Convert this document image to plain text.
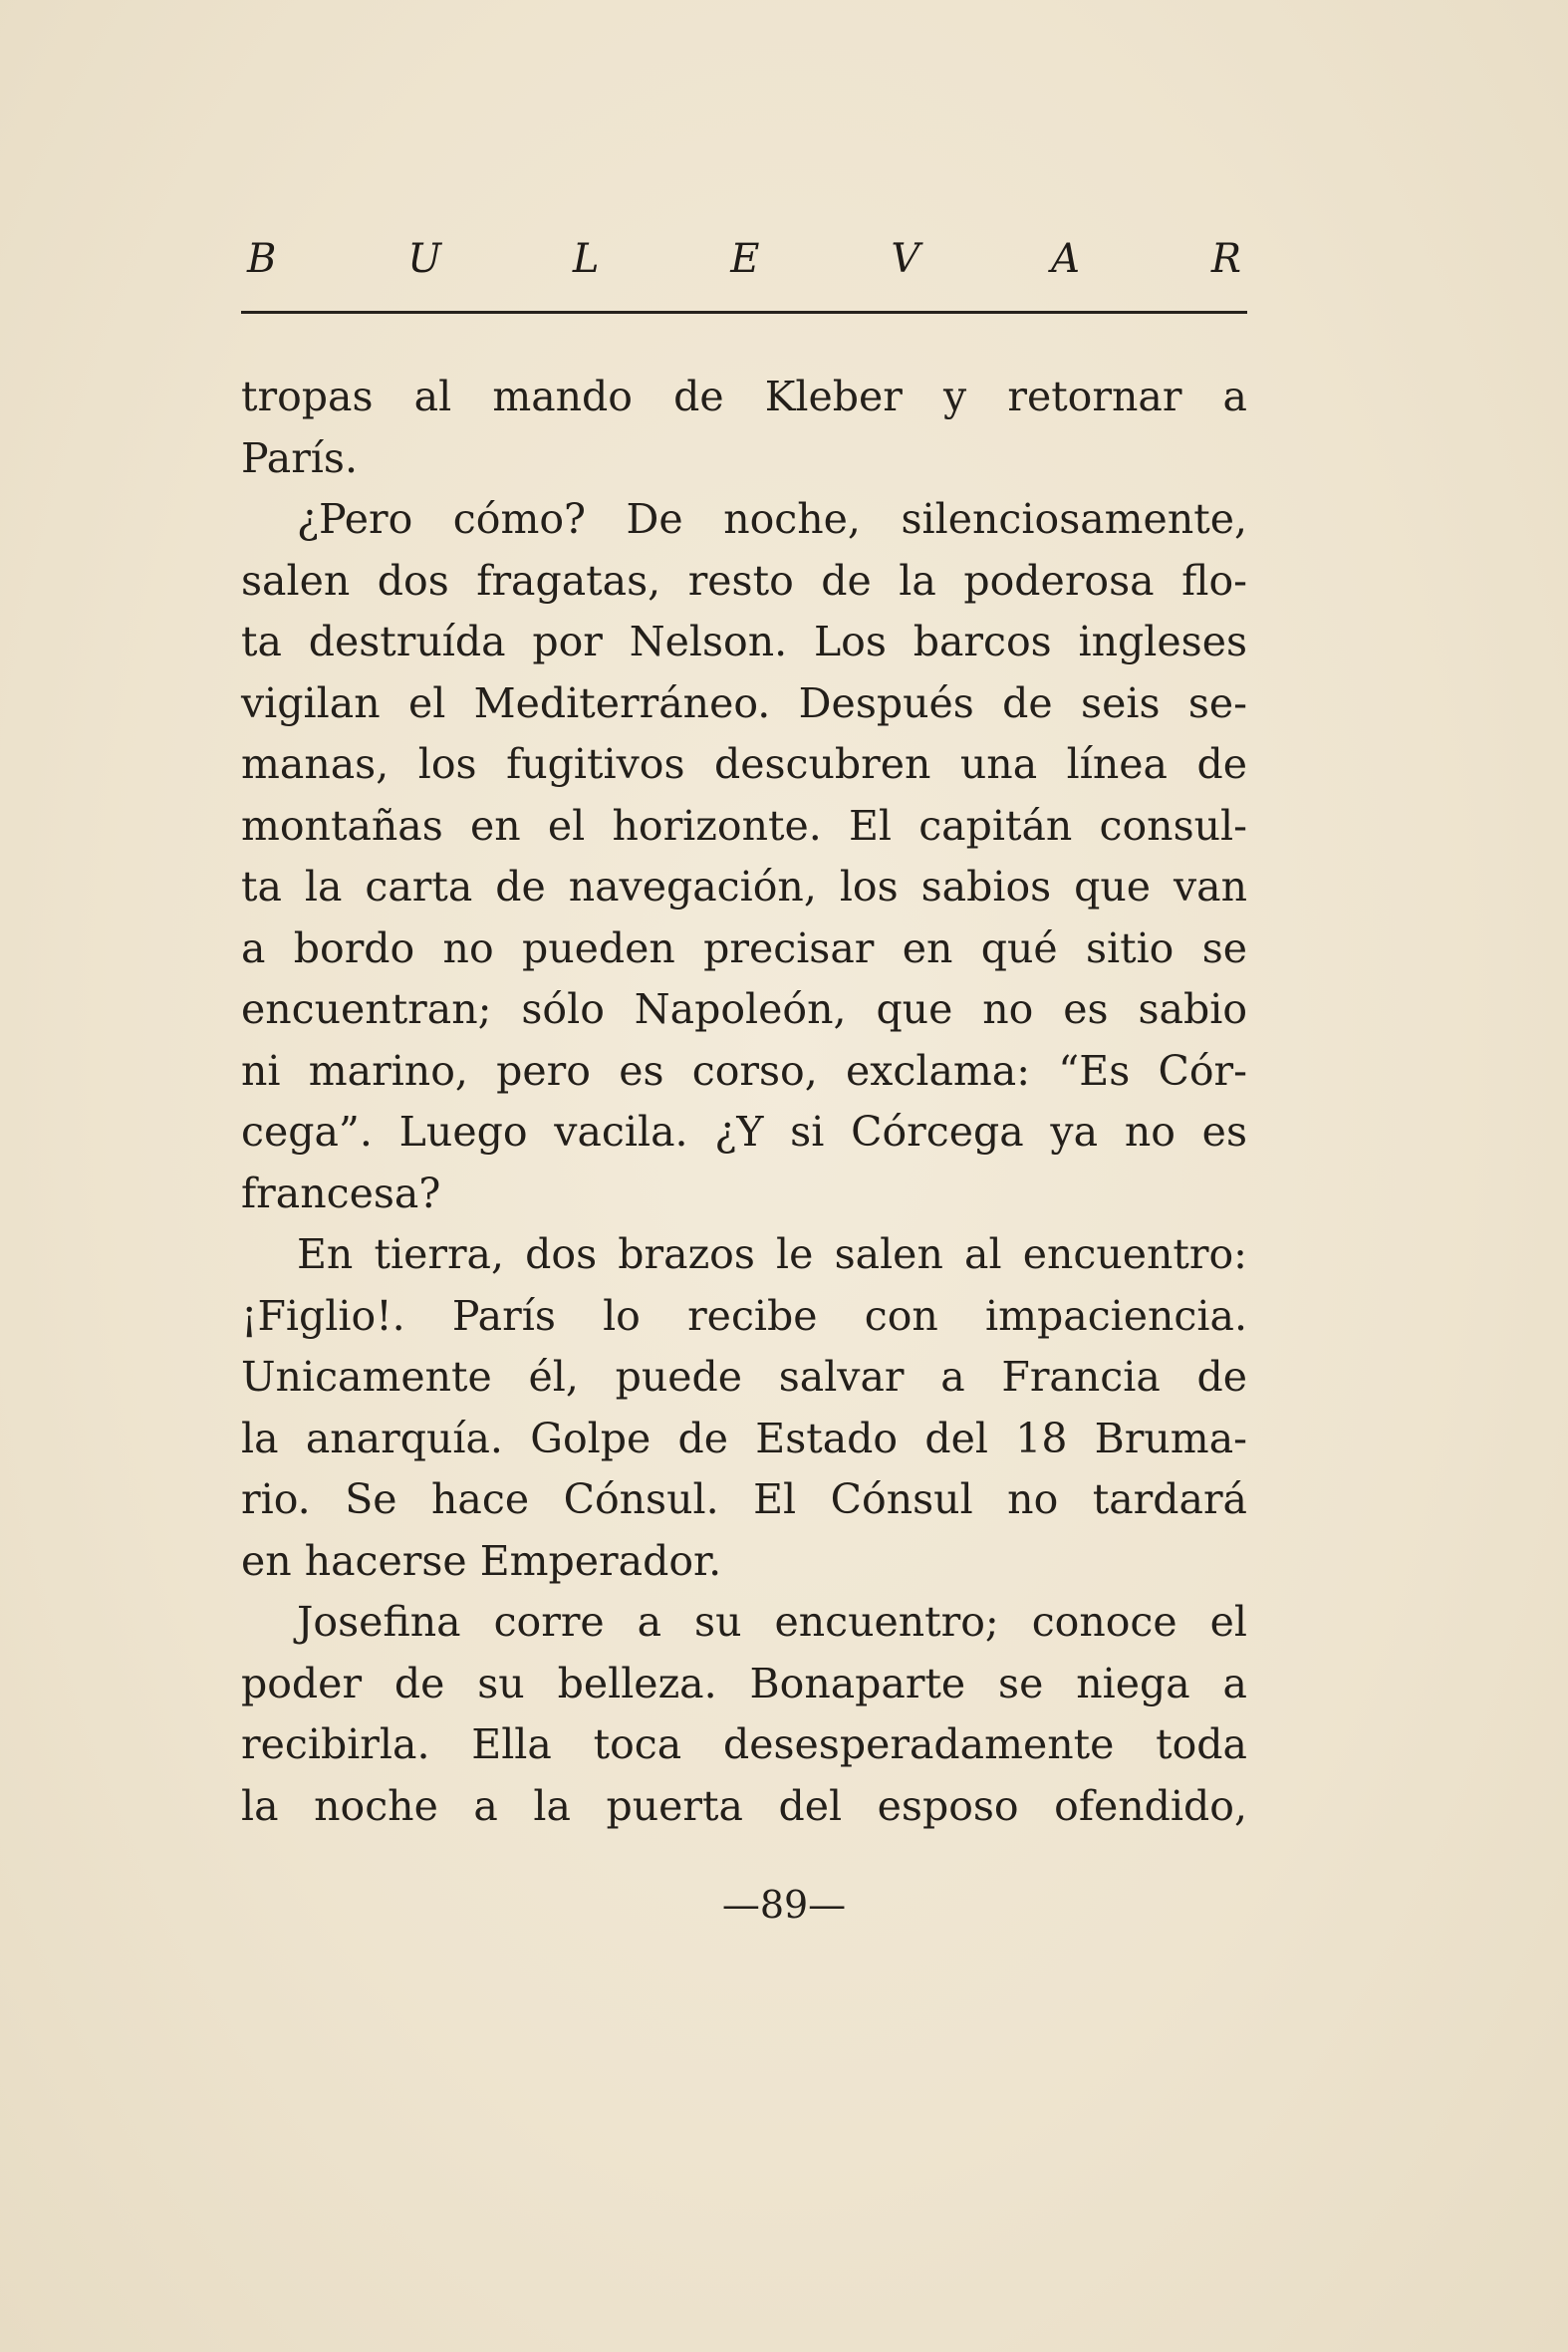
B	U	L	E	V	A	R

tropas al mando de Kleber y retornar a
París.

¿Pero cómo? De noche, silenciosamente,
salen dos fragatas, resto de la poderosa flo-
ta destruída por Nelson. Los barcos ingleses
vigilan el Mediterráneo. Después de seis se-
manas, los fugitivos descubren una línea de
montañas en el horizonte. El capitán consul-
ta la carta de navegación, los sabios que van
a bordo no pueden precisar en qué sitio se
encuentran; sólo Napoleón, que no es sabio
ni marino, pero es corso, exclama: “Es Cór-
cega”. Luego vacila. ¿Y si Córcega ya no es
francesa?

En tierra, dos brazos le salen al encuentro:
¡Figlio!. París lo recibe con impaciencia.
Unicamente él, puede salvar a Francia de
la anarquía. Golpe de Estado del 18 Bruma-
rio. Se hace Cónsul. El Cónsul no tardará
en hacerse Emperador.

Josefina corre a su encuentro; conoce el
poder de su belleza. Bonaparte se niega a
recibirla. Ella toca desesperadamente toda
la noche a la puerta del esposo ofendido,

—89—
